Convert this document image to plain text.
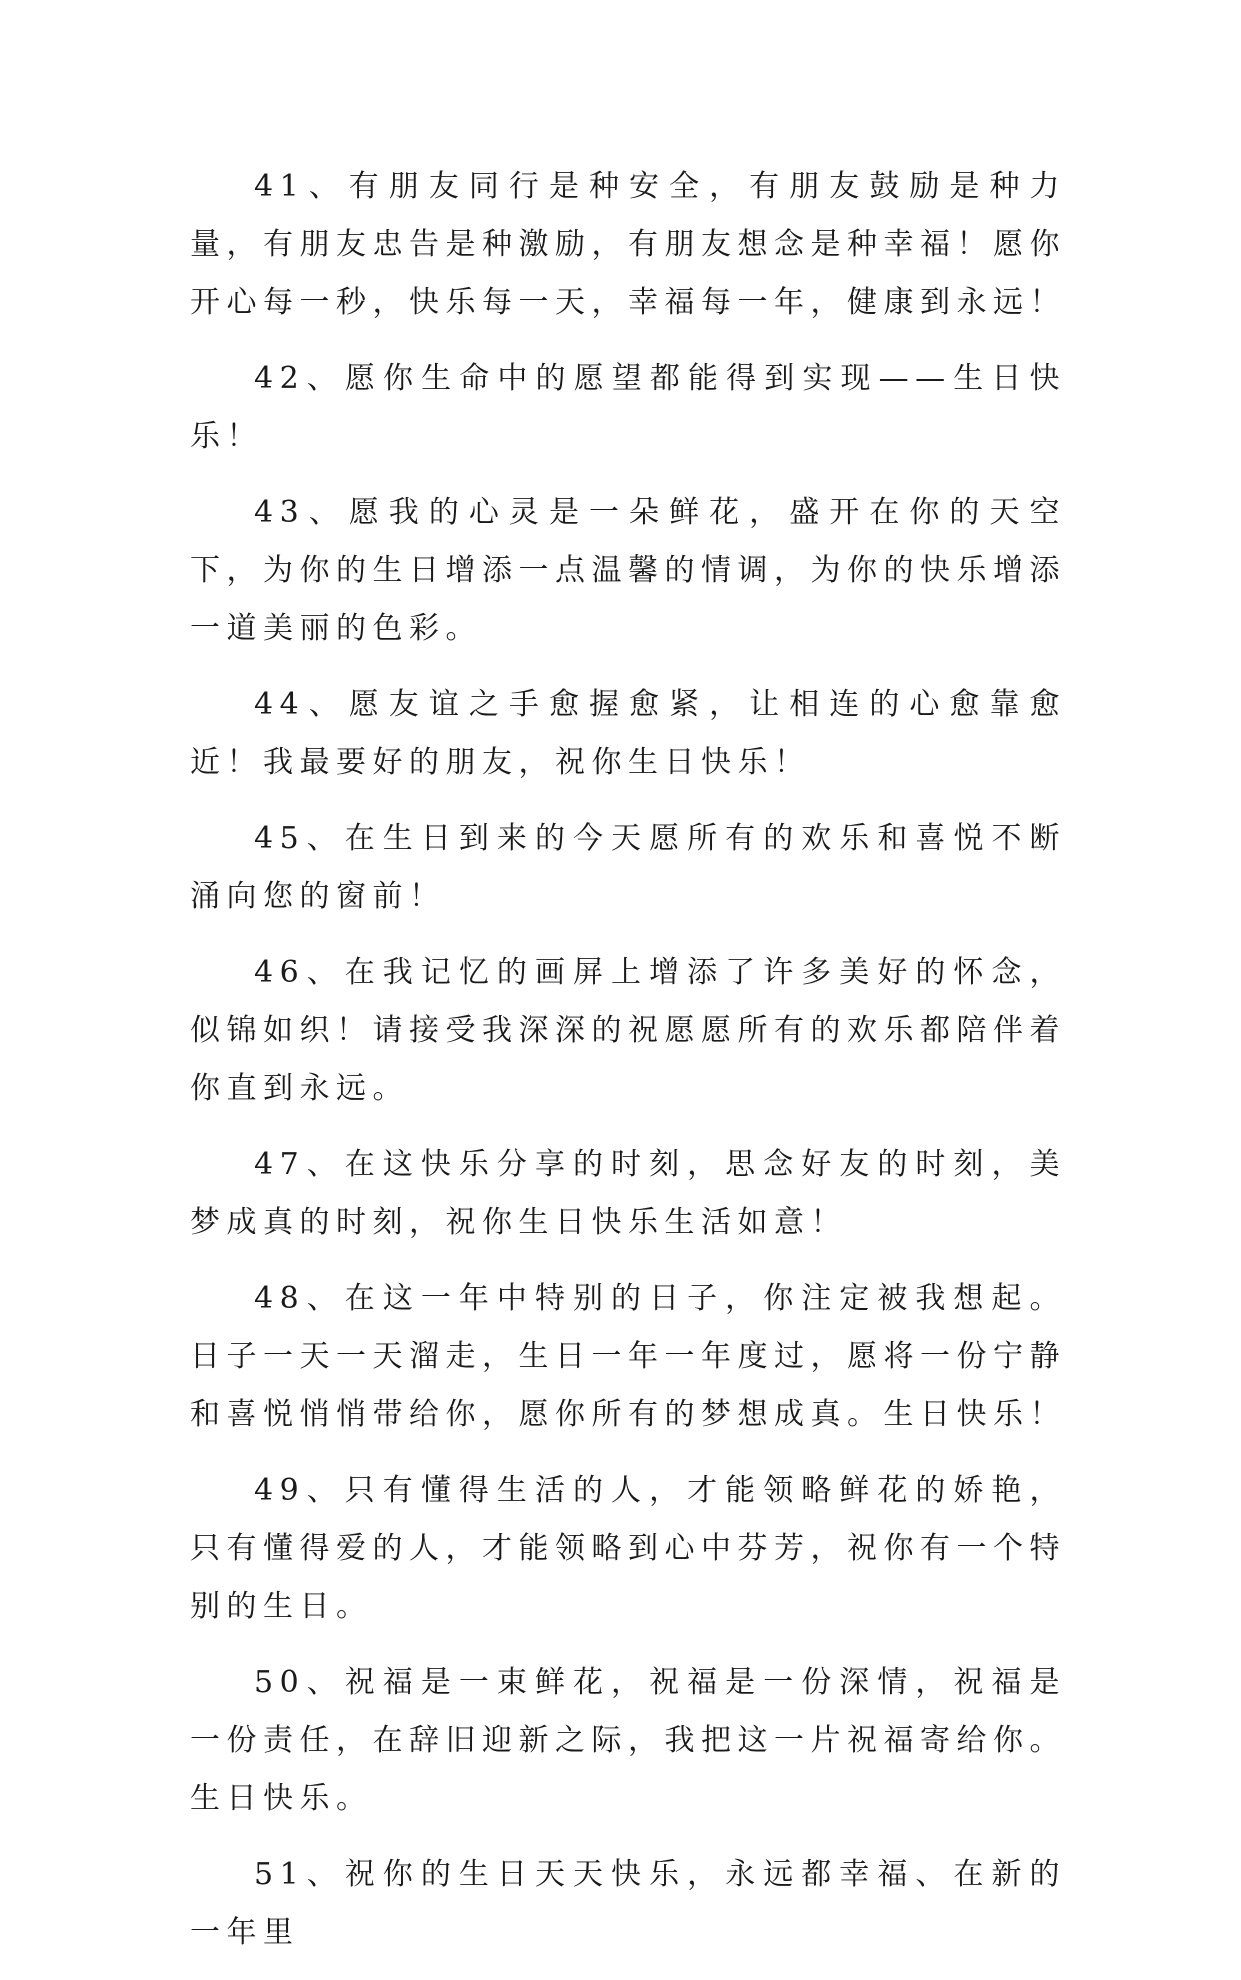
41、有朋友同行是种安全，有朋友鼓励是种力量，有朋友忠告是种激励，有朋友想念是种幸福！愿你开心每一秒，快乐每一天，幸福每一年，健康到永远！

42、愿你生命中的愿望都能得到实现——生日快乐！

43、愿我的心灵是一朵鲜花，盛开在你的天空下，为你的生日增添一点温馨的情调，为你的快乐增添一道美丽的色彩。

44、愿友谊之手愈握愈紧，让相连的心愈靠愈近！我最要好的朋友，祝你生日快乐！

45、在生日到来的今天愿所有的欢乐和喜悦不断涌向您的窗前！

46、在我记忆的画屏上增添了许多美好的怀念，似锦如织！请接受我深深的祝愿愿所有的欢乐都陪伴着你直到永远。

47、在这快乐分享的时刻，思念好友的时刻，美梦成真的时刻，祝你生日快乐生活如意！

48、在这一年中特别的日子，你注定被我想起。日子一天一天溜走，生日一年一年度过，愿将一份宁静和喜悦悄悄带给你，愿你所有的梦想成真。生日快乐！

49、只有懂得生活的人，才能领略鲜花的娇艳，只有懂得爱的人，才能领略到心中芬芳，祝你有一个特别的生日。

50、祝福是一束鲜花，祝福是一份深情，祝福是一份责任，在辞旧迎新之际，我把这一片祝福寄给你。生日快乐。

51、祝你的生日天天快乐，永远都幸福、在新的一年里
